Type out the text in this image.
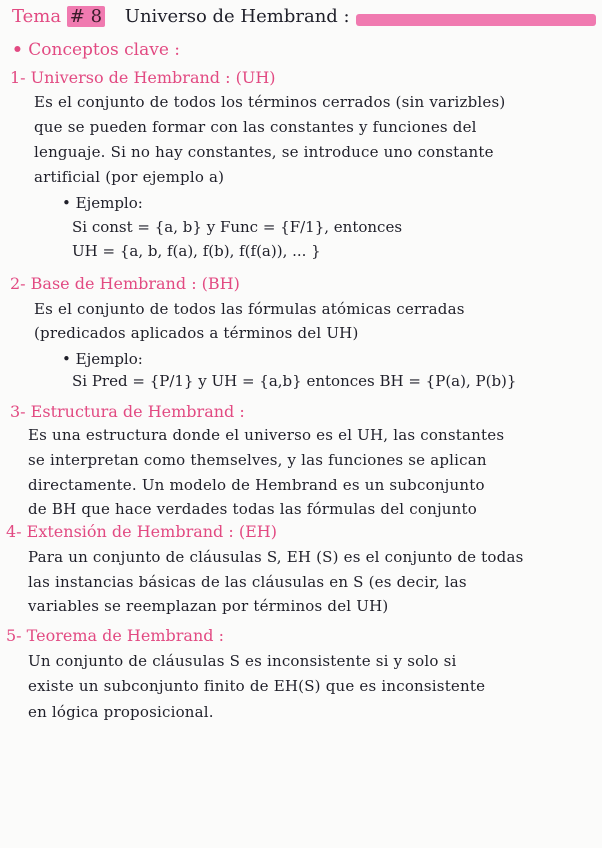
Tema # 8 Universo de Hembrand :
• Conceptos clave :
1- Universo de Hembrand : (UH)
Es el conjunto de todos los términos cerrados (sin varizbles)
que se pueden formar con las constantes y funciones del
lenguaje. Si no hay constantes, se introduce uno constante
artificial (por ejemplo a)
• Ejemplo:
Si const = {a, b} y Func = {F/1}, entonces
UH = {a, b, f(a), f(b), f(f(a)), ... }
2- Base de Hembrand : (BH)
Es el conjunto de todos las fórmulas atómicas cerradas
(predicados aplicados a términos del UH)
• Ejemplo:
Si Pred = {P/1} y UH = {a,b} entonces BH = {P(a), P(b)}
3- Estructura de Hembrand :
Es una estructura donde el universo es el UH, las constantes
se interpretan como themselves, y las funciones se aplican
directamente. Un modelo de Hembrand es un subconjunto
de BH que hace verdades todas las fórmulas del conjunto
4- Extensión de Hembrand : (EH)
Para un conjunto de cláusulas S, EH (S) es el conjunto de todas
las instancias básicas de las cláusulas en S (es decir, las
variables se reemplazan por términos del UH)
5- Teorema de Hembrand :
Un conjunto de cláusulas S es inconsistente si y solo si
existe un subconjunto finito de EH(S) que es inconsistente
en lógica proposicional.
